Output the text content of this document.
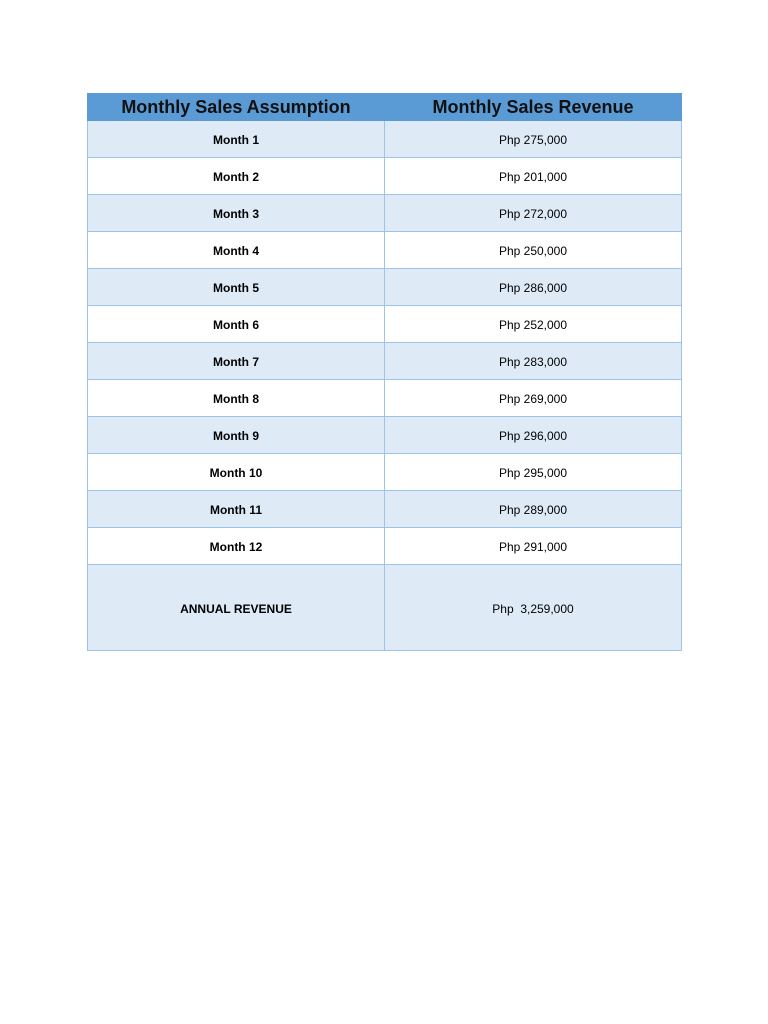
Monthly Sales Assumption	Monthly Sales Revenue
Month 1	Php 275,000
Month 2	Php 201,000
Month 3	Php 272,000
Month 4	Php 250,000
Month 5	Php 286,000
Month 6	Php 252,000
Month 7	Php 283,000
Month 8	Php 269,000
Month 9	Php 296,000
Month 10	Php 295,000
Month 11	Php 289,000
Month 12	Php 291,000
ANNUAL REVENUE	Php  3,259,000
